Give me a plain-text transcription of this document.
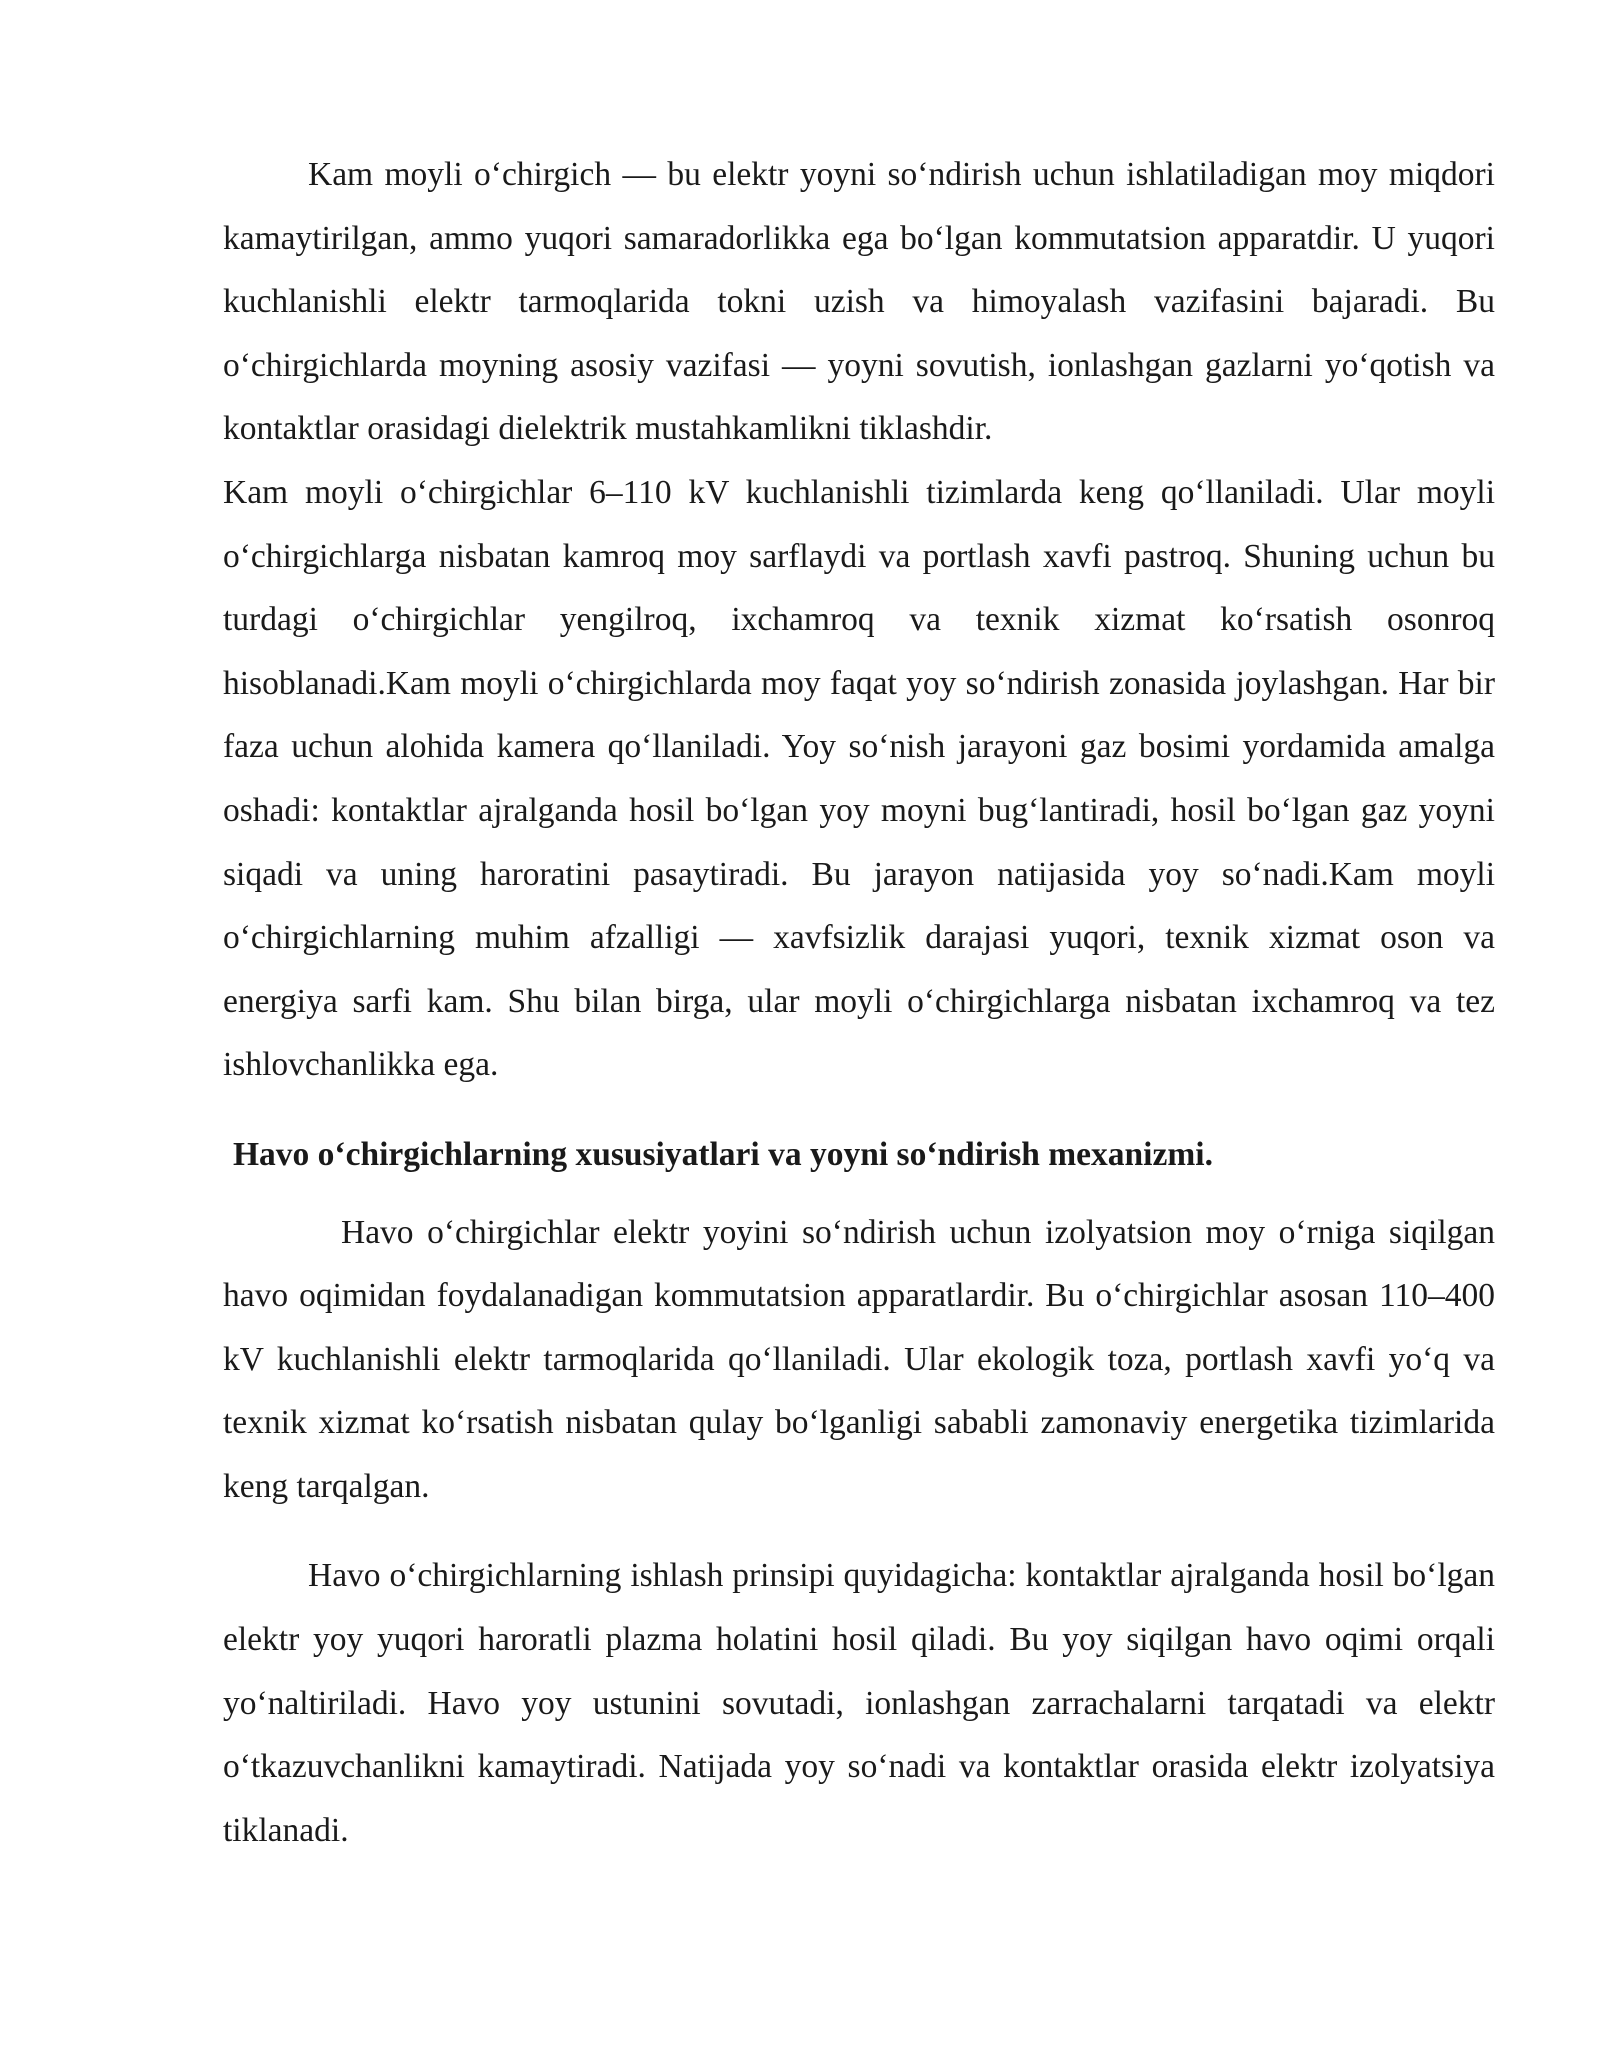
Kam moyli o‘chirgich — bu elektr yoyni so‘ndirish uchun ishlatiladigan moy miqdori kamaytirilgan, ammo yuqori samaradorlikka ega bo‘lgan kommutatsion apparatdir. U yuqori kuchlanishli elektr tarmoqlarida tokni uzish va himoyalash vazifasini bajaradi. Bu o‘chirgichlarda moyning asosiy vazifasi — yoyni sovutish, ionlashgan gazlarni yo‘qotish va kontaktlar orasidagi dielektrik mustahkamlikni tiklashdir.

Kam moyli o‘chirgichlar 6–110 kV kuchlanishli tizimlarda keng qo‘llaniladi. Ular moyli o‘chirgichlarga nisbatan kamroq moy sarflaydi va portlash xavfi pastroq. Shuning uchun bu turdagi o‘chirgichlar yengilroq, ixchamroq va texnik xizmat ko‘rsatish osonroq hisoblanadi.Kam moyli o‘chirgichlarda moy faqat yoy so‘ndirish zonasida joylashgan. Har bir faza uchun alohida kamera qo‘llaniladi. Yoy so‘nish jarayoni gaz bosimi yordamida amalga oshadi: kontaktlar ajralganda hosil bo‘lgan yoy moyni bug‘lantiradi, hosil bo‘lgan gaz yoyni siqadi va uning haroratini pasaytiradi. Bu jarayon natijasida yoy so‘nadi.Kam moyli o‘chirgichlarning muhim afzalligi — xavfsizlik darajasi yuqori, texnik xizmat oson va energiya sarfi kam. Shu bilan birga, ular moyli o‘chirgichlarga nisbatan ixchamroq va tez ishlovchanlikka ega.

Havo o‘chirgichlarning xususiyatlari va yoyni so‘ndirish mexanizmi.

Havo o‘chirgichlar elektr yoyini so‘ndirish uchun izolyatsion moy o‘rniga siqilgan havo oqimidan foydalanadigan kommutatsion apparatlardir. Bu o‘chirgichlar asosan 110–400 kV kuchlanishli elektr tarmoqlarida qo‘llaniladi. Ular ekologik toza, portlash xavfi yo‘q va texnik xizmat ko‘rsatish nisbatan qulay bo‘lganligi sababli zamonaviy energetika tizimlarida keng tarqalgan.

Havo o‘chirgichlarning ishlash prinsipi quyidagicha: kontaktlar ajralganda hosil bo‘lgan elektr yoy yuqori haroratli plazma holatini hosil qiladi. Bu yoy siqilgan havo oqimi orqali yo‘naltiriladi. Havo yoy ustunini sovutadi, ionlashgan zarrachalarni tarqatadi va elektr o‘tkazuvchanlikni kamaytiradi. Natijada yoy so‘nadi va kontaktlar orasida elektr izolyatsiya tiklanadi.
